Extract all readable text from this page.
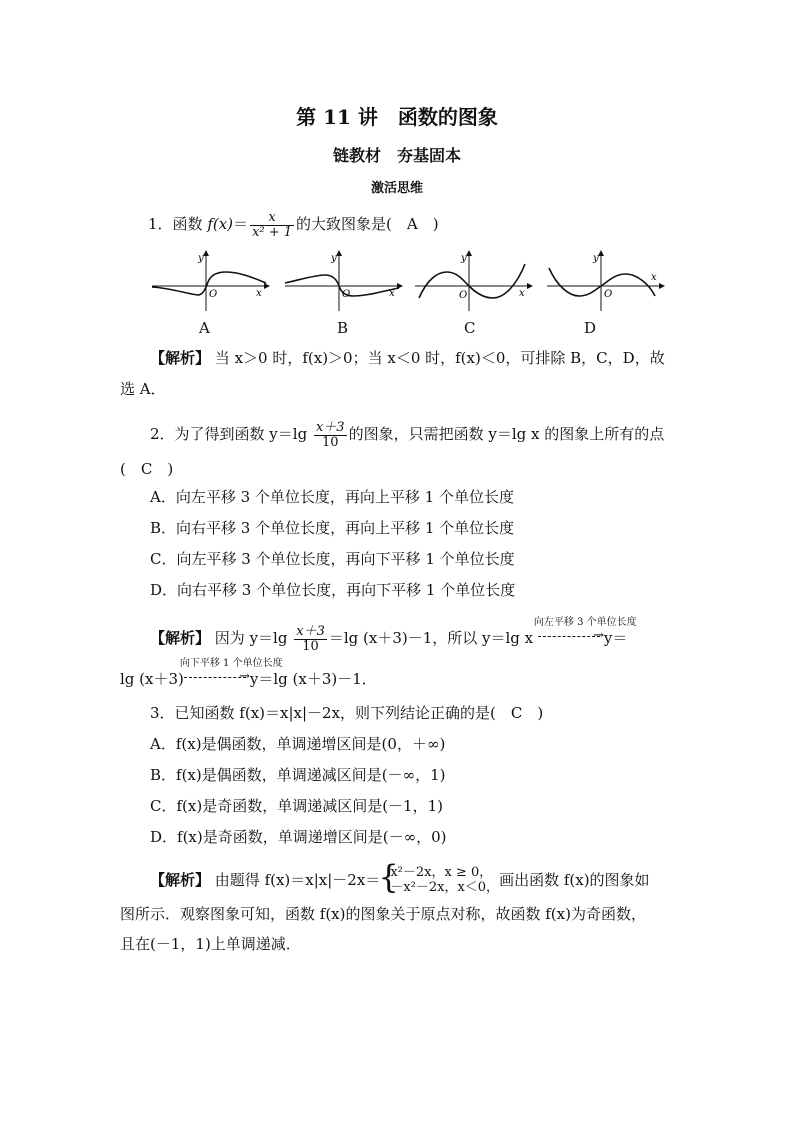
第 11 讲　函数的图象
链教材　夯基固本
激活思维
1．函数 $f(x)= \frac{x}{\text{x² + 1}}$ 的大致图象是(　A　)
y
O	x
A
y
O	x
B
y
O	x
C
y
O
x
D
【解析】 当 x＞0 时，f(x)＞0；当 x＜0 时，f(x)＜0，可排除 B，C，D，故
选 A．
2．为了得到函数 $y=\lg \frac{x+3}{10}$ 的图象，只需把函数 y＝lg x 的图象上所有的点
(　C　)
A．向左平移 3 个单位长度，再向上平移 1 个单位长度
B．向右平移 3 个单位长度，再向上平移 1 个单位长度
C．向左平移 3 个单位长度，再向下平移 1 个单位长度
D．向右平移 3 个单位长度，再向下平移 1 个单位长度
【解析】 因为 $y=\lg \frac{x+3}{10} =\lg$ (x＋3)－1，所以 y＝lg x
向左平移 3 个单位长度
→ y＝
lg (x＋3)
向下平移 1 个单位长度
→ y＝lg (x＋3)－1．
3．已知函数 f(x)＝x|x|－2x，则下列结论正确的是(　C　)
A．f(x)是偶函数，单调递增区间是(0，＋∞)
B．f(x)是偶函数，单调递减区间是(－∞，1)
C．f(x)是奇函数，单调递减区间是(－1，1)
D．f(x)是奇函数，单调递增区间是(－∞，0)
【解析】 由题得 f(x)＝x|x|－2x＝
{ x²－2x，x ≥ 0，
－x²－2x，x＜0， 画出函数 f(x)的图象如
图所示．观察图象可知，函数 f(x)的图象关于原点对称，故函数 f(x)为奇函数，
且在(－1，1)上单调递减．
